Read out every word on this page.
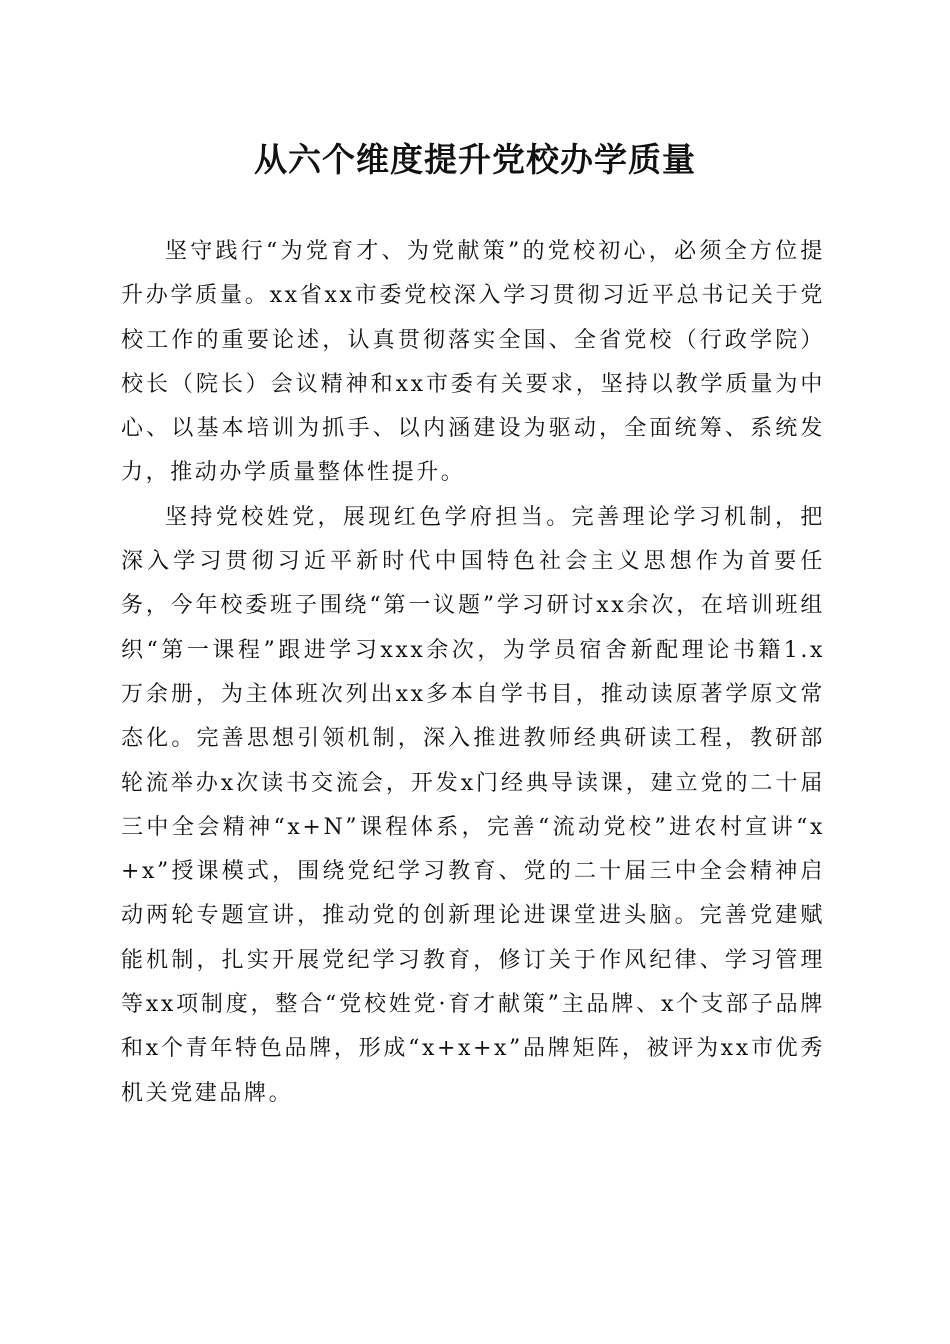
从六个维度提升党校办学质量

坚守践行“为党育才、为党献策”的党校初心，必须全方位提升办学质量。xx省xx市委党校深入学习贯彻习近平总书记关于党校工作的重要论述，认真贯彻落实全国、全省党校（行政学院）校长（院长）会议精神和xx市委有关要求，坚持以教学质量为中心、以基本培训为抓手、以内涵建设为驱动，全面统筹、系统发力，推动办学质量整体性提升。

坚持党校姓党，展现红色学府担当。完善理论学习机制，把深入学习贯彻习近平新时代中国特色社会主义思想作为首要任务，今年校委班子围绕“第一议题”学习研讨xx余次，在培训班组织“第一课程”跟进学习xxx余次，为学员宿舍新配理论书籍1.x万余册，为主体班次列出xx多本自学书目，推动读原著学原文常态化。完善思想引领机制，深入推进教师经典研读工程，教研部轮流举办x次读书交流会，开发x门经典导读课，建立党的二十届三中全会精神“x+N”课程体系，完善“流动党校”进农村宣讲“x+x”授课模式，围绕党纪学习教育、党的二十届三中全会精神启动两轮专题宣讲，推动党的创新理论进课堂进头脑。完善党建赋能机制，扎实开展党纪学习教育，修订关于作风纪律、学习管理等xx项制度，整合“党校姓党·育才献策”主品牌、x个支部子品牌和x个青年特色品牌，形成“x+x+x”品牌矩阵，被评为xx市优秀机关党建品牌。
